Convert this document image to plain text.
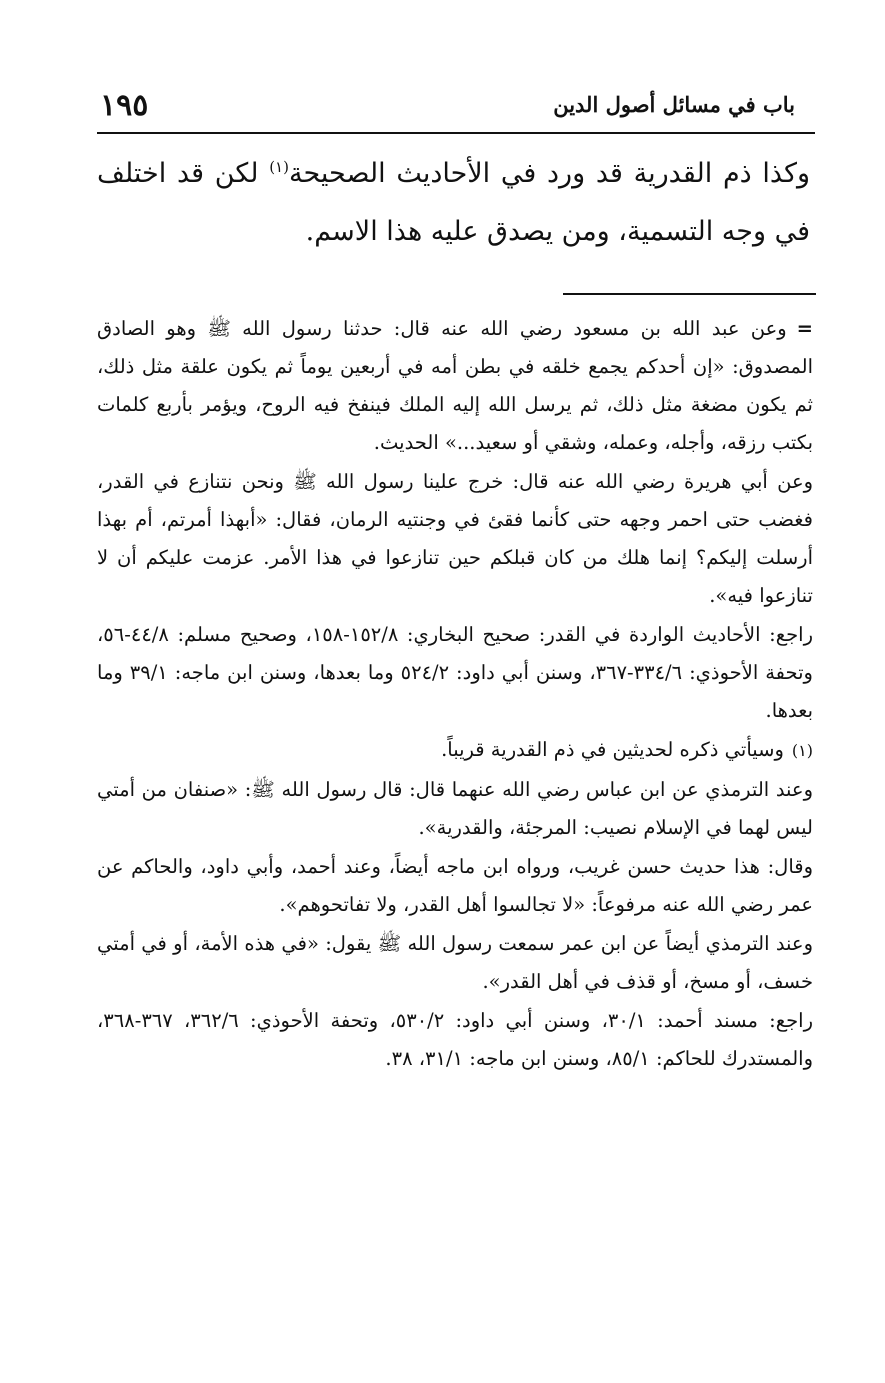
١٩٥	باب في مسائل أصول الدين
وكذا ذم القدرية قد ورد في الأحاديث الصحيحة$^{(١)}$ لكن قد اختلف في وجه التسمية، ومن يصدق عليه هذا الاسم.

=وعن عبد الله بن مسعود رضي الله عنه قال: حدثنا رسول الله ﷺ وهو الصادق المصدوق: «إن أحدكم يجمع خلقه في بطن أمه في أربعين يوماً ثم يكون علقة مثل ذلك، ثم يكون مضغة مثل ذلك، ثم يرسل الله إليه الملك فينفخ فيه الروح، ويؤمر بأربع كلمات بكتب رزقه، وأجله، وعمله، وشقي أو سعيد...» الحديث.

وعن أبي هريرة رضي الله عنه قال: خرج علينا رسول الله ﷺ ونحن نتنازع في القدر، فغضب حتى احمر وجهه حتى كأنما فقئ في وجنتيه الرمان، فقال: «أبهذا أمرتم، أم بهذا أرسلت إليكم؟ إنما هلك من كان قبلكم حين تنازعوا في هذا الأمر. عزمت عليكم أن لا تنازعوا فيه».

راجع: الأحاديث الواردة في القدر: صحيح البخاري: ١٥٢/٨-١٥٨، وصحيح مسلم: ٤٤/٨-٥٦، وتحفة الأحوذي: ٣٣٤/٦-٣٦٧، وسنن أبي داود: ٥٢٤/٢ وما بعدها، وسنن ابن ماجه: ٣٩/١ وما بعدها.

(١)وسيأتي ذكره لحديثين في ذم القدرية قريباً.

وعند الترمذي عن ابن عباس رضي الله عنهما قال: قال رسول الله ﷺ: «صنفان من أمتي ليس لهما في الإسلام نصيب: المرجئة، والقدرية».

وقال: هذا حديث حسن غريب، ورواه ابن ماجه أيضاً، وعند أحمد، وأبي داود، والحاكم عن عمر رضي الله عنه مرفوعاً: «لا تجالسوا أهل القدر، ولا تفاتحوهم».

وعند الترمذي أيضاً عن ابن عمر سمعت رسول الله ﷺ يقول: «في هذه الأمة، أو في أمتي خسف، أو مسخ، أو قذف في أهل القدر».

راجع: مسند أحمد: ٣٠/١، وسنن أبي داود: ٥٣٠/٢، وتحفة الأحوذي: ٣٦٢/٦، ٣٦٧-٣٦٨، والمستدرك للحاكم: ٨٥/١، وسنن ابن ماجه: ٣١/١، ٣٨.
